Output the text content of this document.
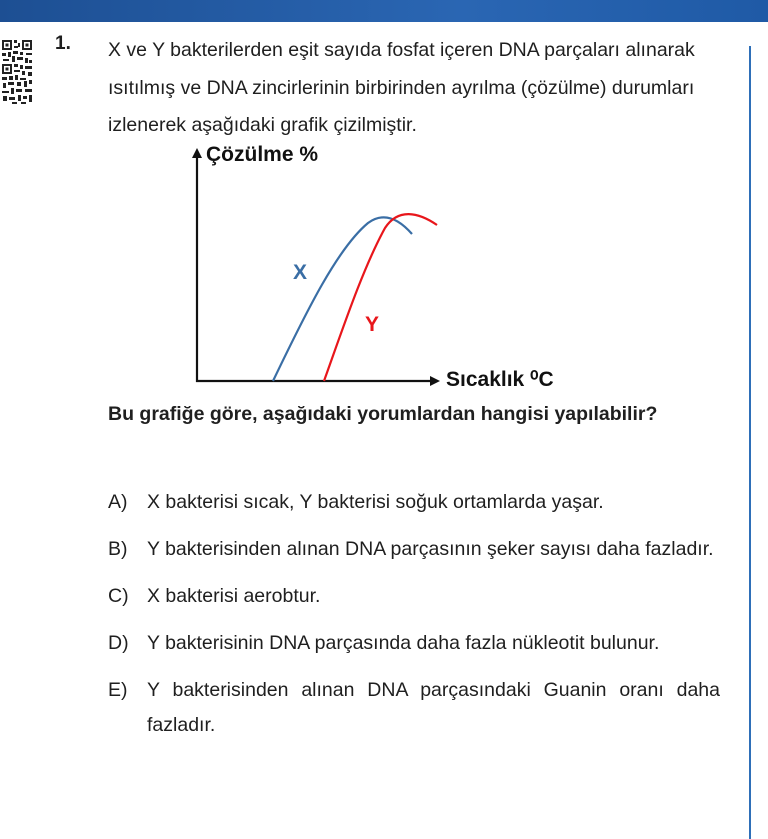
1. X ve Y bakterilerden eşit sayıda fosfat içeren DNA parçaları alınarak ısıtılmış ve DNA zincirlerinin birbirinden ayrılma (çözülme) durumları izlenerek aşağıdaki grafik çizilmiştir.

Çözülme %
Sıcaklık ⁰C
X
Y

Bu grafiğe göre, aşağıdaki yorumlardan hangisi yapılabilir?

A) X bakterisi sıcak, Y bakterisi soğuk ortamlarda yaşar.
B) Y bakterisinden alınan DNA parçasının şeker sayısı daha fazladır.
C) X bakterisi aerobtur.
D) Y bakterisinin DNA parçasında daha fazla nükleotit bulunur.
E) Y bakterisinden alınan DNA parçasındaki Guanin oranı daha fazladır.
